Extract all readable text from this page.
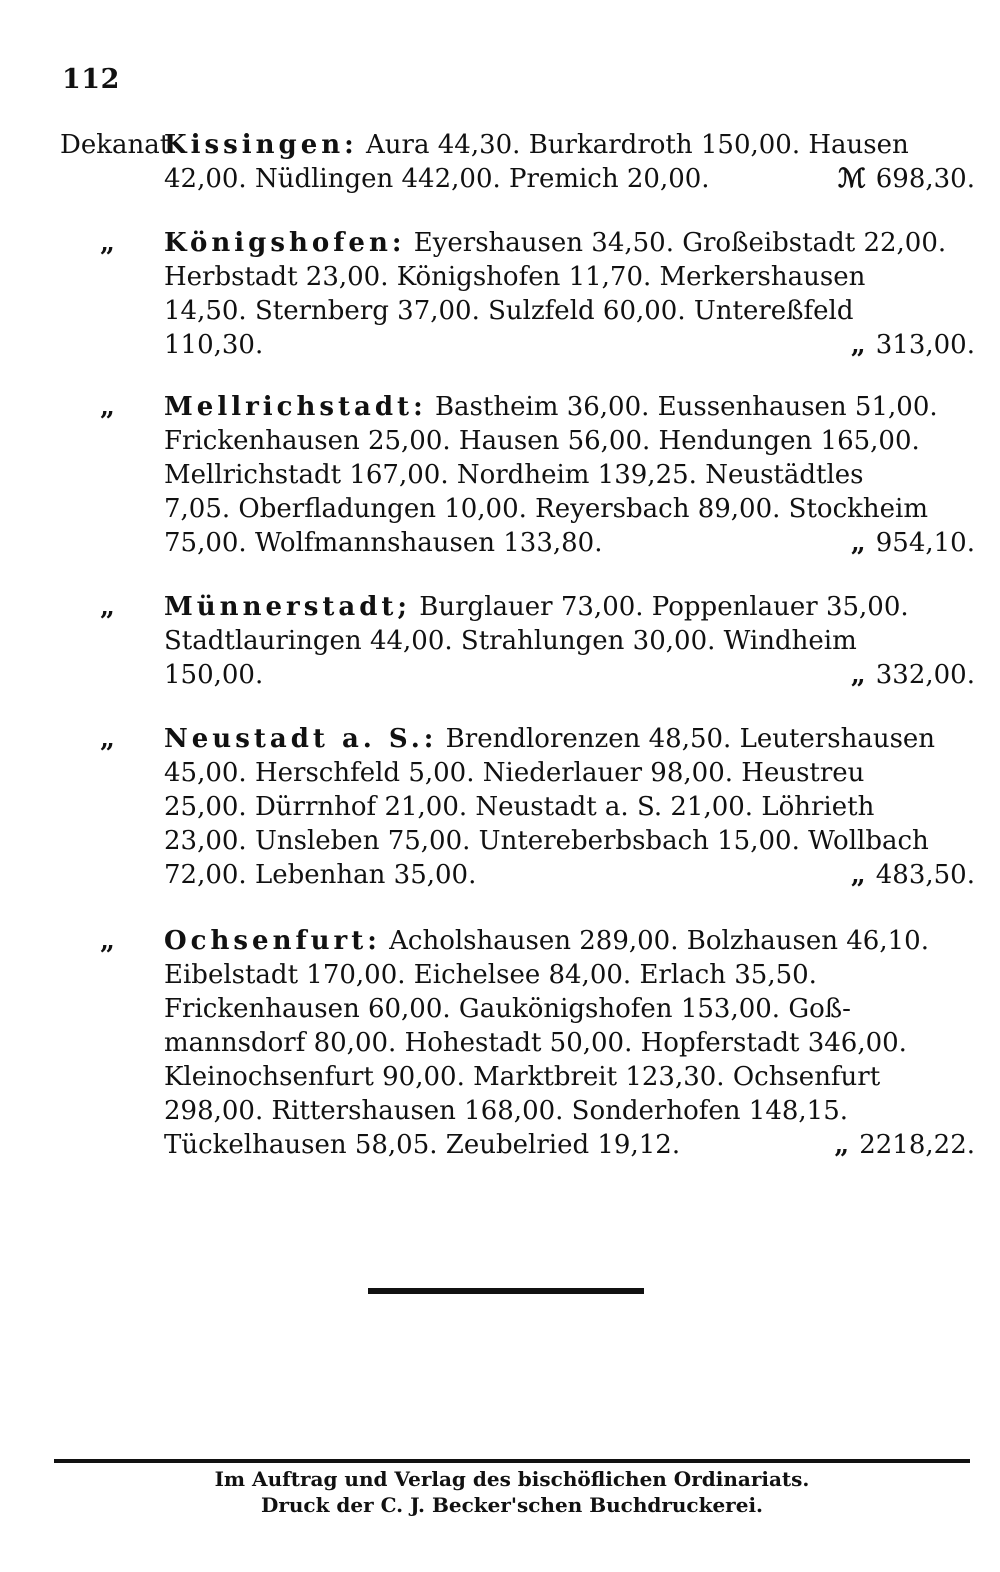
112
Dekanat
Kissingen: Aura 44,30. Burkardroth 150,00. Hausen
42,00. Nüdlingen 442,00. Premich 20,00.	ℳ 698,30.
„ Königshofen: Eyershausen 34,50. Großeibstadt 22,00.
Herbstadt 23,00. Königshofen 11,70. Merkershausen
14,50. Sternberg 37,00. Sulzfeld 60,00. Untereßfeld
110,30.	„ 313,00.
„ Mellrichstadt: Bastheim 36,00. Eussenhausen 51,00.
Frickenhausen 25,00. Hausen 56,00. Hendungen 165,00.
Mellrichstadt 167,00. Nordheim 139,25. Neustädtles
7,05. Oberfladungen 10,00. Reyersbach 89,00. Stockheim
75,00. Wolfmannshausen 133,80.	„ 954,10.
„ Münnerstadt; Burglauer 73,00. Poppenlauer 35,00.
Stadtlauringen 44,00. Strahlungen 30,00. Windheim
150,00.	„ 332,00.
„ Neustadt a. S.: Brendlorenzen 48,50. Leutershausen
45,00. Herschfeld 5,00. Niederlauer 98,00. Heustreu
25,00. Dürrnhof 21,00. Neustadt a. S. 21,00. Löhrieth
23,00. Unsleben 75,00. Untereberbsbach 15,00. Wollbach
72,00. Lebenhan 35,00.	„ 483,50.
„ Ochsenfurt: Acholshausen 289,00. Bolzhausen 46,10.
Eibelstadt 170,00. Eichelsee 84,00. Erlach 35,50.
Frickenhausen 60,00. Gaukönigshofen 153,00. Goß-
mannsdorf 80,00. Hohestadt 50,00. Hopferstadt 346,00.
Kleinochsenfurt 90,00. Marktbreit 123,30. Ochsenfurt
298,00. Rittershausen 168,00. Sonderhofen 148,15.
Tückelhausen 58,05. Zeubelried 19,12.	„ 2218,22.
Im Auftrag und Verlag des bischöflichen Ordinariats.
Druck der C. J. Becker'schen Buchdruckerei.
